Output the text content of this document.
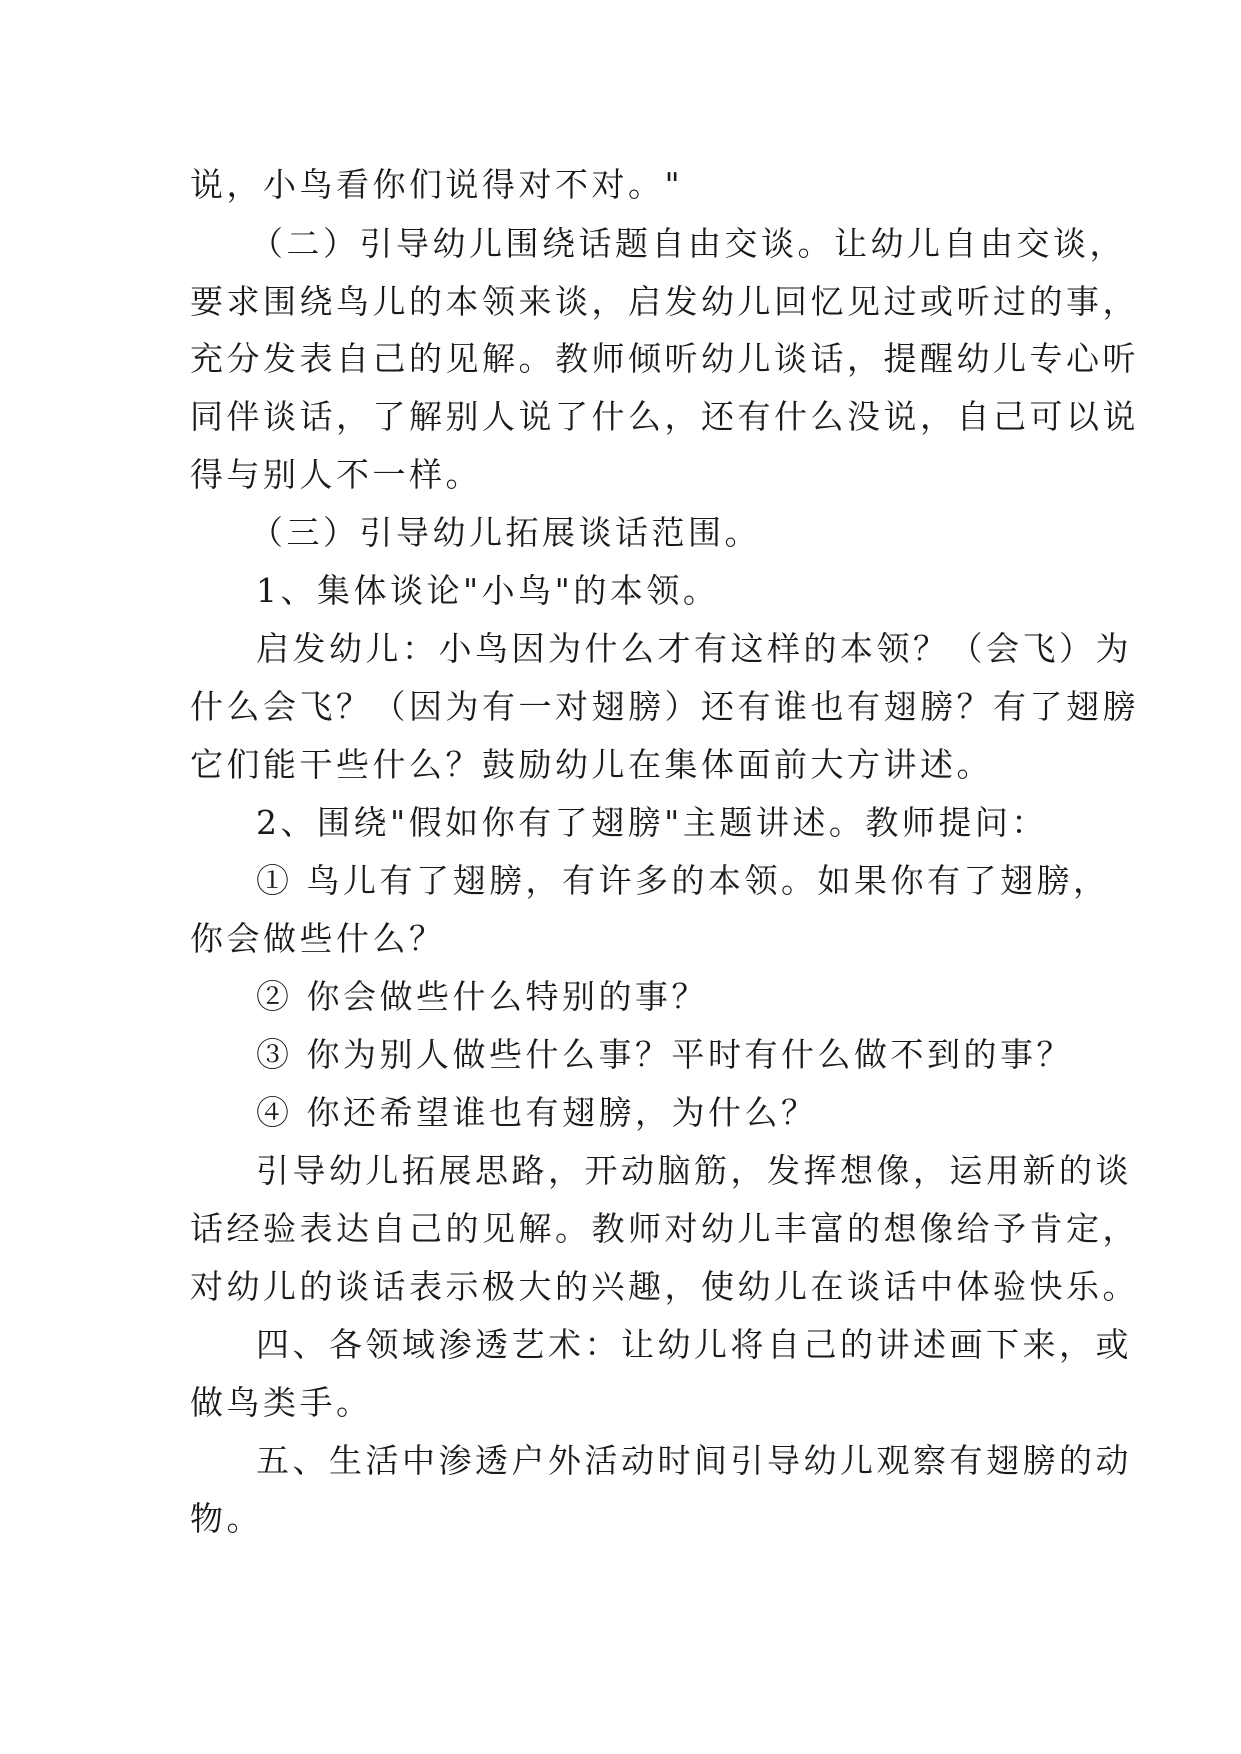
说，小鸟看你们说得对不对。"

（二）引导幼儿围绕话题自由交谈。让幼儿自由交谈，

要求围绕鸟儿的本领来谈，启发幼儿回忆见过或听过的事，

充分发表自己的见解。教师倾听幼儿谈话，提醒幼儿专心听

同伴谈话，了解别人说了什么，还有什么没说，自己可以说

得与别人不一样。

（三）引导幼儿拓展谈话范围。

1、集体谈论"小鸟"的本领。

启发幼儿：小鸟因为什么才有这样的本领？（会飞）为

什么会飞？（因为有一对翅膀）还有谁也有翅膀？有了翅膀

它们能干些什么？鼓励幼儿在集体面前大方讲述。

2、围绕"假如你有了翅膀"主题讲述。教师提问：

① 鸟儿有了翅膀，有许多的本领。如果你有了翅膀，

你会做些什么？

② 你会做些什么特别的事？

③ 你为别人做些什么事？平时有什么做不到的事？

④ 你还希望谁也有翅膀，为什么？

引导幼儿拓展思路，开动脑筋，发挥想像，运用新的谈

话经验表达自己的见解。教师对幼儿丰富的想像给予肯定，

对幼儿的谈话表示极大的兴趣，使幼儿在谈话中体验快乐。

四、各领域渗透艺术：让幼儿将自己的讲述画下来，或

做鸟类手。

五、生活中渗透户外活动时间引导幼儿观察有翅膀的动

物。
